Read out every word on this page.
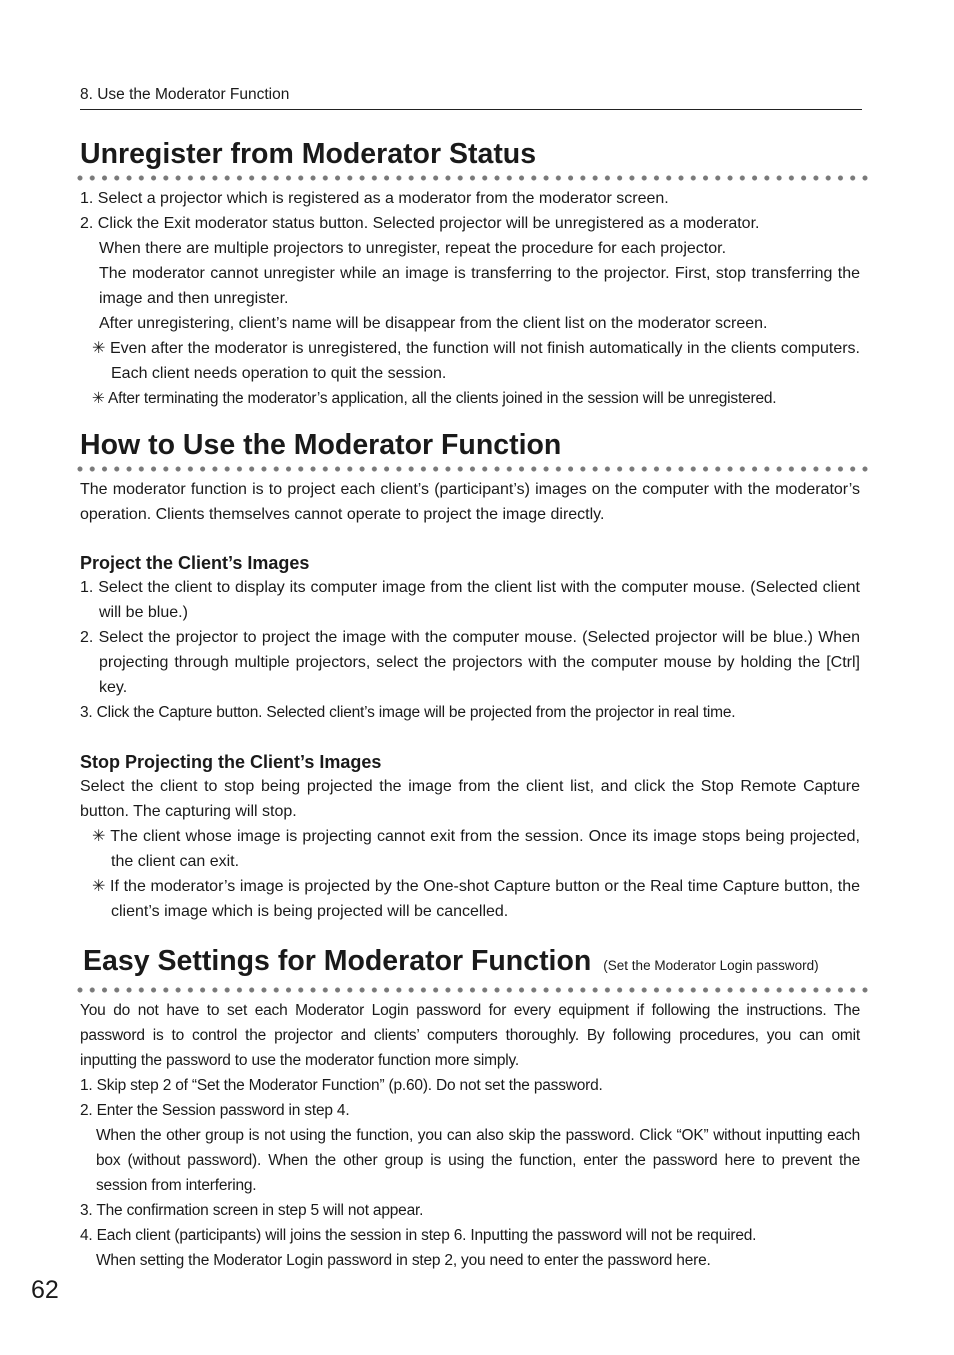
8. Use the Moderator Function
Unregister from Moderator Status

1. Select a projector which is registered as a moderator from the moderator screen.

2. Click the Exit moderator status button. Selected projector will be unregistered as a moderator.

When there are multiple projectors to unregister, repeat the procedure for each projector.

The moderator cannot unregister while an image is transferring to the projector. First, stop transferring the image and then unregister.

After unregistering, client’s name will be disappear from the client list on the moderator screen.

✳ Even after the moderator is unregistered, the function will not finish automatically in the clients computers. Each client needs operation to quit the session.

✳ After terminating the moderator’s application, all the clients joined in the session will be unregistered.

How to Use the Moderator Function

The moderator function is to project each client’s (participant’s) images on the computer with the moderator’s operation. Clients themselves cannot operate to project the image directly.

Project the Client’s Images

1. Select the client to display its computer image from the client list with the computer mouse. (Selected client will be blue.)

2. Select the projector to project the image with the computer mouse. (Selected projector will be blue.) When projecting through multiple projectors, select the projectors with the computer mouse by holding the [Ctrl] key.

3. Click the Capture button. Selected client’s image will be projected from the projector in real time.

Stop Projecting the Client’s Images

Select the client to stop being projected the image from the client list, and click the Stop Remote Capture button. The capturing will stop.

✳ The client whose image is projecting cannot exit from the session. Once its image stops being projected, the client can exit.

✳ If the moderator’s image is projected by the One-shot Capture button or the Real time Capture button, the client’s image which is being projected will be cancelled.

Easy Settings for Moderator Function (Set the Moderator Login password)

You do not have to set each Moderator Login password for every equipment if following the instructions. The password is to control the projector and clients’ computers thoroughly. By following procedures, you can omit inputting the password to use the moderator function more simply.

1. Skip step 2 of “Set the Moderator Function” (p.60). Do not set the password.

2. Enter the Session password in step 4.

When the other group is not using the function, you can also skip the password. Click “OK” without inputting each box (without password). When the other group is using the function, enter the password here to prevent the session from interfering.

3. The confirmation screen in step 5 will not appear.

4. Each client (participants) will joins the session in step 6. Inputting the password will not be required.

When setting the Moderator Login password in step 2, you need to enter the password here.

62
